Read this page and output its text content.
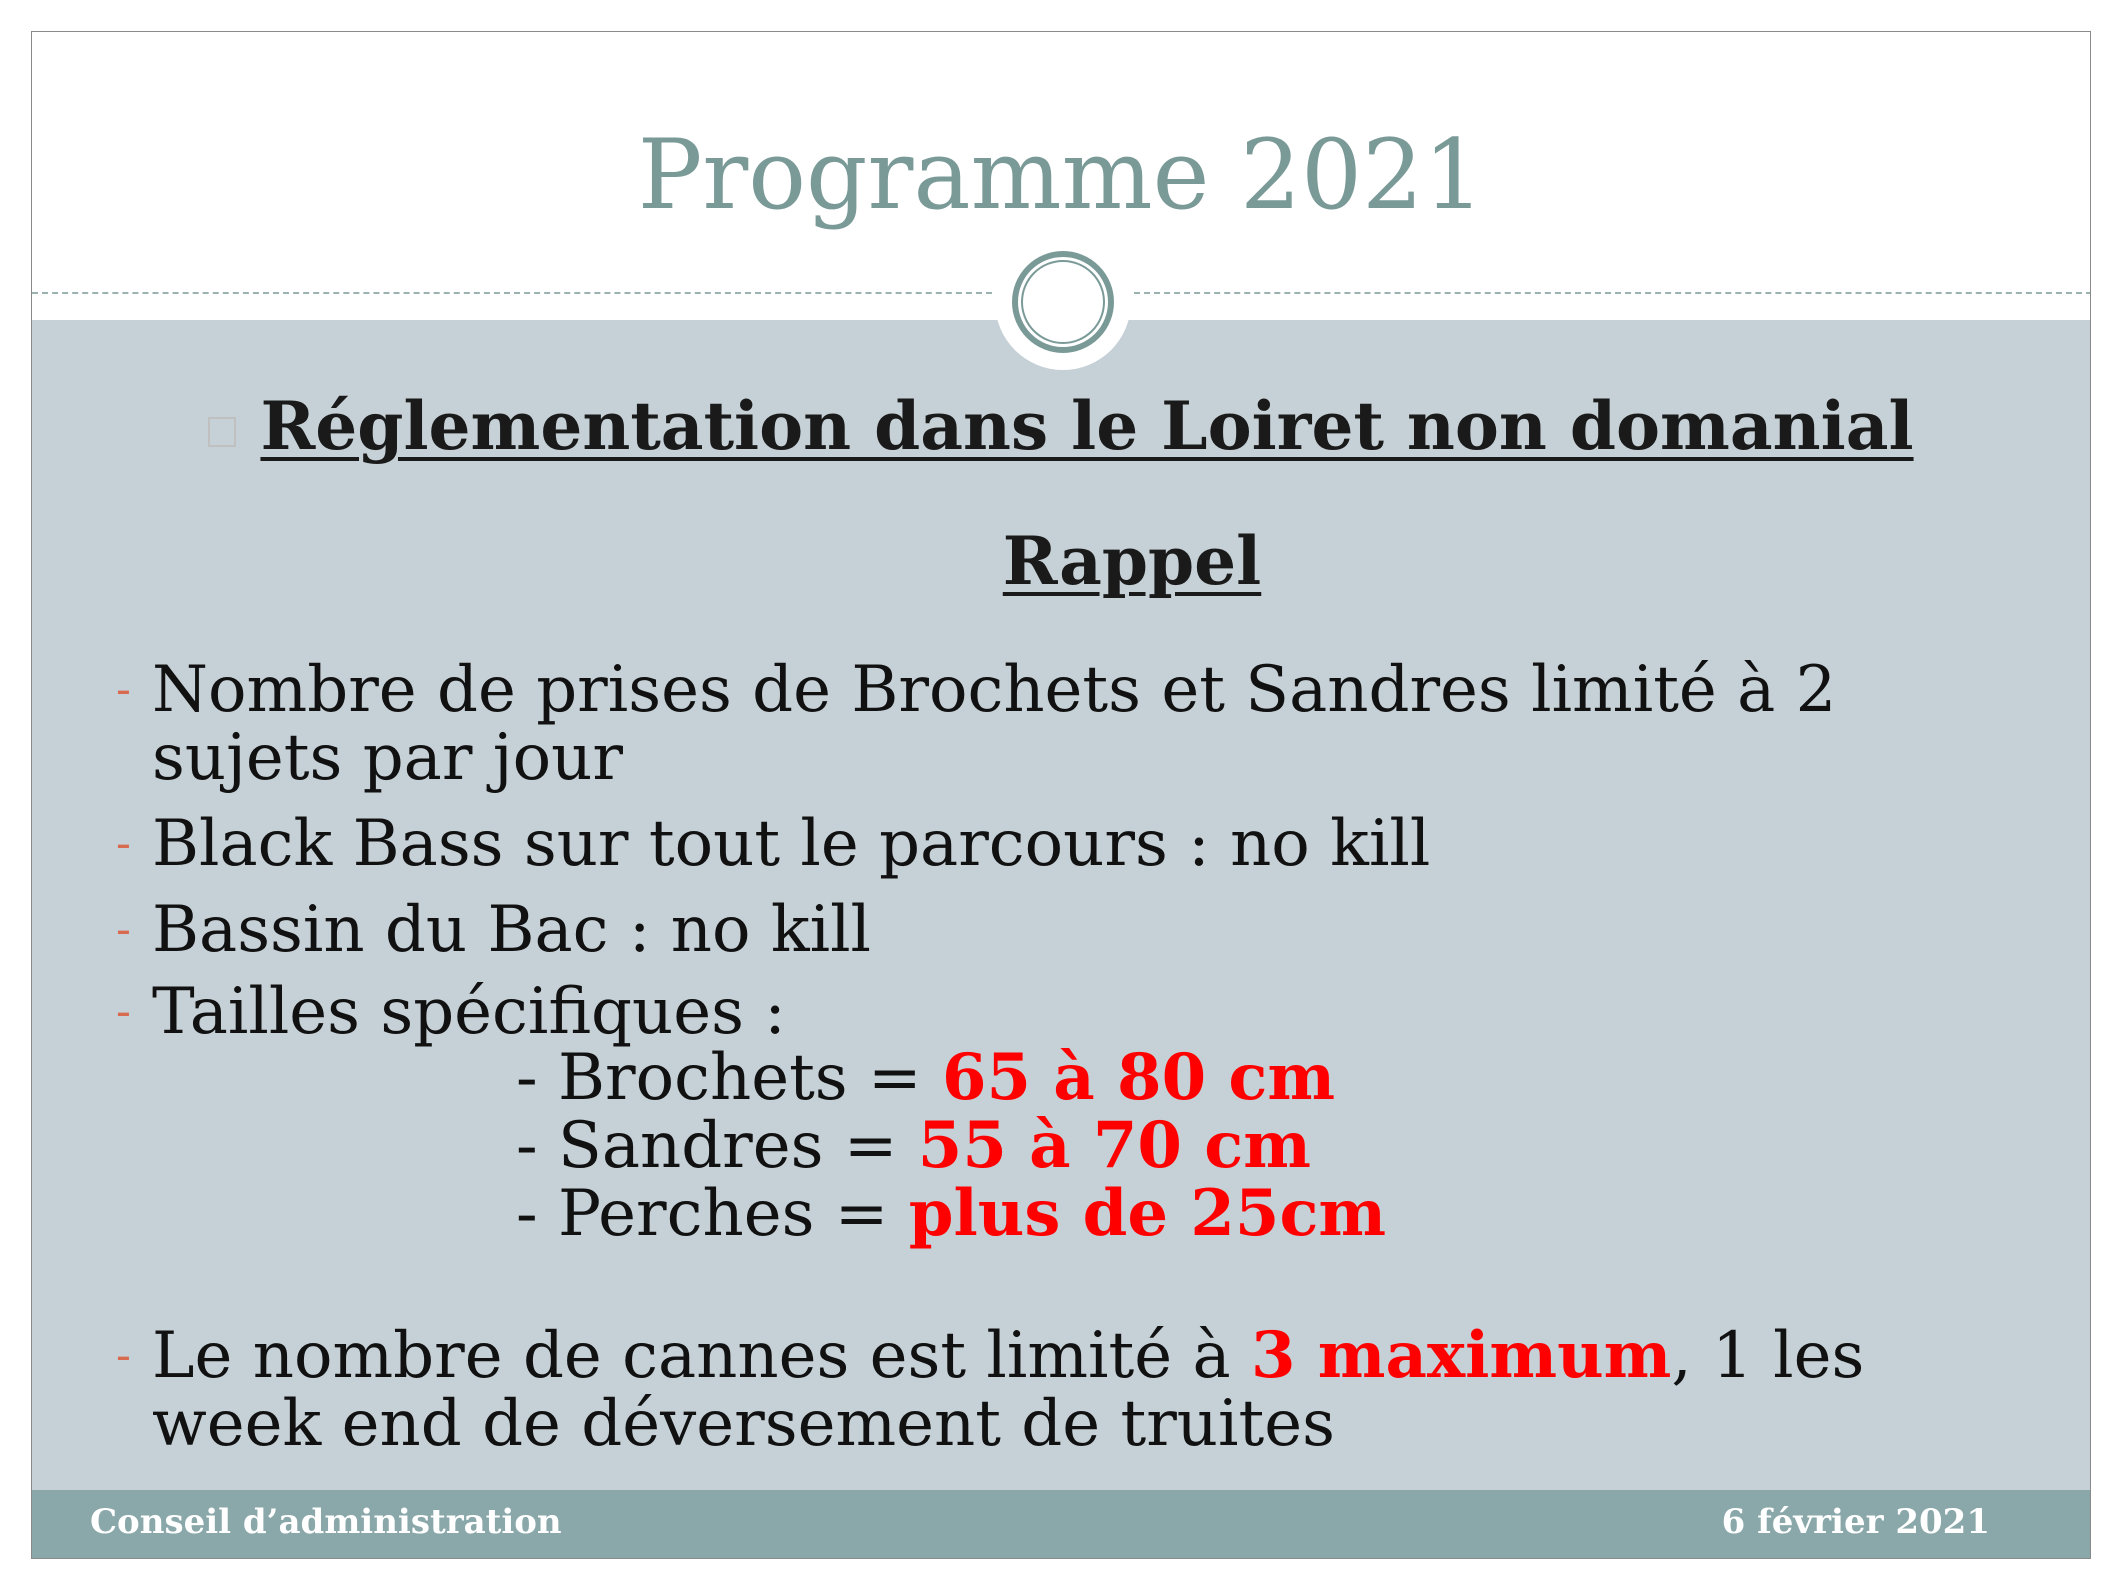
Programme 2021
Réglementation dans le Loiret non domanial
Rappel
- Nombre de prises de Brochets et Sandres limité à 2 sujets par jour
- Black Bass sur tout le parcours : no kill
- Bassin du Bac : no kill
- Tailles spécifiques :
- Brochets = 65 à 80 cm
- Sandres = 55 à 70 cm
- Perches = plus de 25cm
- Le nombre de cannes est limité à 3 maximum, 1 les week end de déversement de truites
Conseil d’administration	6 février 2021
